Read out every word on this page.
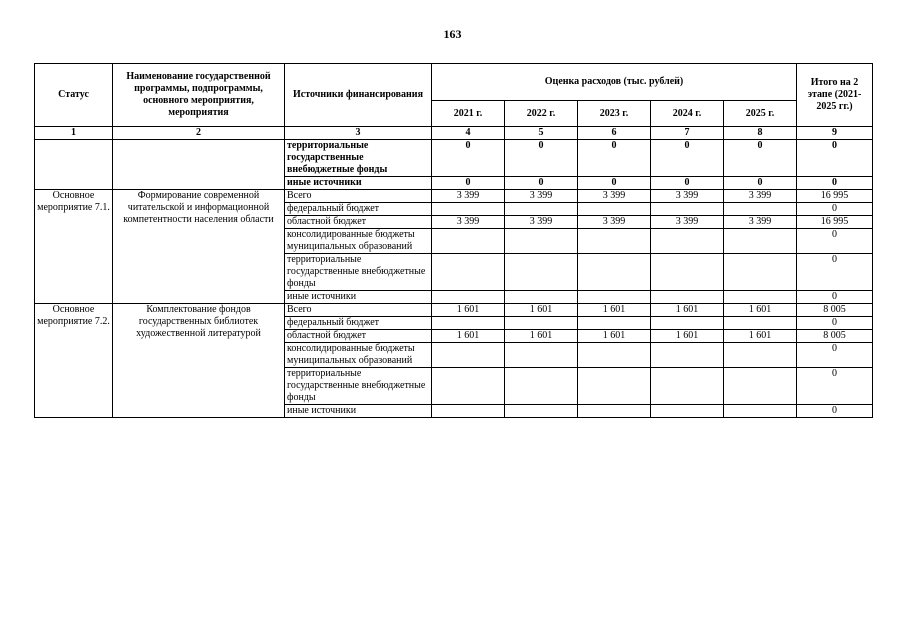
163
Статус	Наименование государственной программы, подпрограммы, основного мероприятия, мероприятия	Источники финансирования	Оценка расходов (тыс. рублей)					Итого на 2 этапе (2021-2025 гг.)
			2021 г.	2022 г.	2023 г.	2024 г.	2025 г.	
1	2	3	4	5	6	7	8	9
		территориальные государственные внебюджетные фонды	0	0	0	0	0	0
		иные источники	0	0	0	0	0	0
Основное мероприятие 7.1.	Формирование современной читательской и информационной компетентности населения области	Всего	3 399	3 399	3 399	3 399	3 399	16 995
		федеральный бюджет						0
		областной бюджет	3 399	3 399	3 399	3 399	3 399	16 995
		консолидированные бюджеты муниципальных образований						0
		территориальные государственные внебюджетные фонды						0
		иные источники						0
Основное мероприятие 7.2.	Комплектование фондов государственных библиотек художественной литературой	Всего	1 601	1 601	1 601	1 601	1 601	8 005
		федеральный бюджет						0
		областной бюджет	1 601	1 601	1 601	1 601	1 601	8 005
		консолидированные бюджеты муниципальных образований						0
		территориальные государственные внебюджетные фонды						0
		иные источники						0
